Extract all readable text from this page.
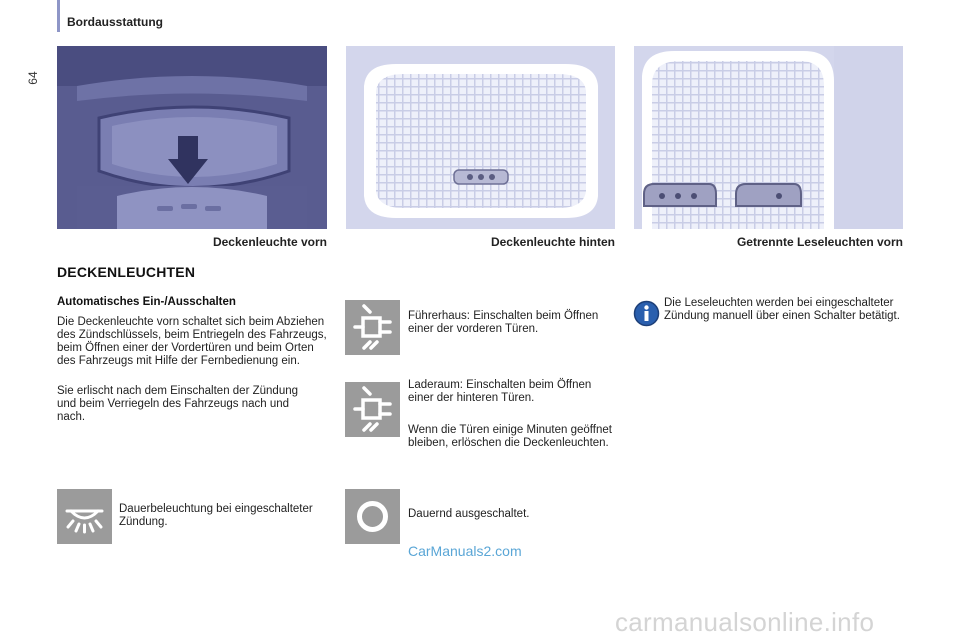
64
Bordausstattung
Deckenleuchte vorn	Deckenleuchte hinten	Getrennte Leseleuchten vorn
DECKENLEUCHTEN
Automatisches Ein-/Ausschalten
Die Deckenleuchte vorn schaltet sich beim Abziehen des Zündschlüssels, beim Entriegeln des Fahrzeugs, beim Öffnen einer der Vordertüren und beim Orten des Fahrzeugs mit Hilfe der Fernbedienung ein.
Sie erlischt nach dem Einschalten der Zündung und beim Verriegeln des Fahrzeugs nach und nach.
Führerhaus: Einschalten beim Öffnen einer der vorderen Türen.
Laderaum: Einschalten beim Öffnen einer der hinteren Türen.
Wenn die Türen einige Minuten geöffnet bleiben, erlöschen die Deckenleuchten.
Dauerbeleuchtung bei eingeschalteter Zündung.
Dauernd ausgeschaltet.
Die Leseleuchten werden bei eingeschalteter Zündung manuell über einen Schalter betätigt.
CarManuals2.com
carmanualsonline.info
